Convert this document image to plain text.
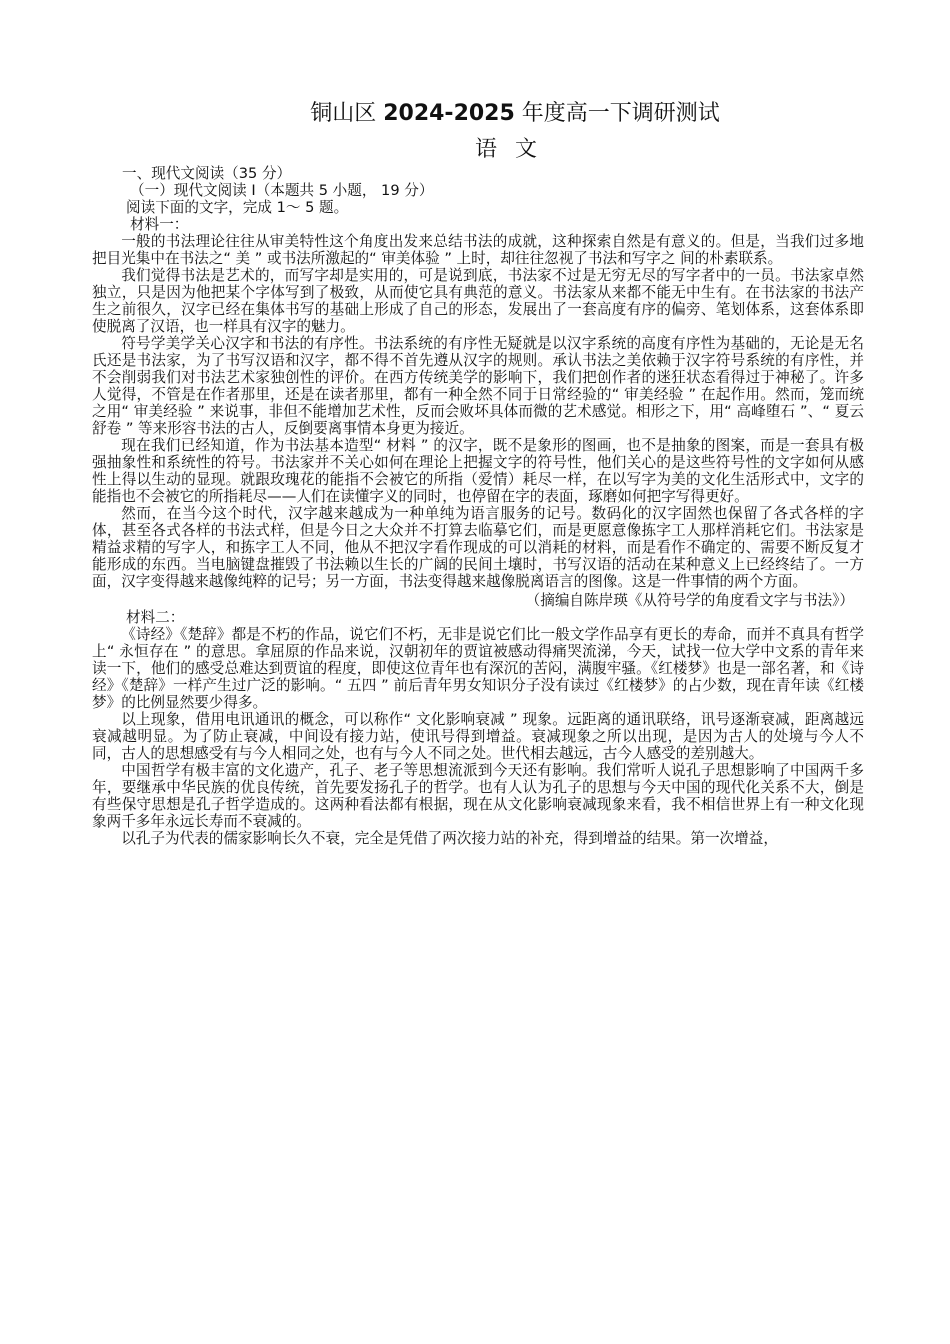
铜山区 2024-2025 年度高一下调研测试
语文

一、现代文阅读（35 分）

（一）现代文阅读 I（本题共 5 小题， 19 分）

阅读下面的文字，完成 1～ 5 题。

材料一：

一般的书法理论往往从审美特性这个角度出发来总结书法的成就，这种探索自然是有意义的。但是，当我们过多地把目光集中在书法之“ 美 ” 或书法所激起的“ 审美体验 ” 上时，却往往忽视了书法和写字之 间的朴素联系。

我们觉得书法是艺术的，而写字却是实用的，可是说到底，书法家不过是无穷无尽的写字者中的一员。书法家卓然独立，只是因为他把某个字体写到了极致，从而使它具有典范的意义。书法家从来都不能无中生有。在书法家的书法产生之前很久，汉字已经在集体书写的基础上形成了自己的形态，发展出了一套高度有序的偏旁、笔划体系，这套体系即使脱离了汉语，也一样具有汉字的魅力。

符号学美学关心汉字和书法的有序性。书法系统的有序性无疑就是以汉字系统的高度有序性为基础的，无论是无名氏还是书法家，为了书写汉语和汉字，都不得不首先遵从汉字的规则。承认书法之美依赖于汉字符号系统的有序性，并不会削弱我们对书法艺术家独创性的评价。在西方传统美学的影响下，我们把创作者的迷狂状态看得过于神秘了。许多人觉得，不管是在作者那里，还是在读者那里，都有一种全然不同于日常经验的“ 审美经验 ” 在起作用。然而，笼而统之用“ 审美经验 ” 来说事，非但不能增加艺术性，反而会败坏具体而微的艺术感觉。相形之下，用“ 高峰堕石 ”、“ 夏云舒卷 ” 等来形容书法的古人，反倒要离事情本身更为接近。

现在我们已经知道，作为书法基本造型“ 材料 ” 的汉字，既不是象形的图画，也不是抽象的图案，而是一套具有极强抽象性和系统性的符号。书法家并不关心如何在理论上把握文字的符号性，他们关心的是这些符号性的文字如何从感性上得以生动的显现。就跟玫瑰花的能指不会被它的所指（爱情）耗尽一样，在以写字为美的文化生活形式中，文字的能指也不会被它的所指耗尽——人们在读懂字义的同时，也停留在字的表面，琢磨如何把字写得更好。

然而，在当今这个时代，汉字越来越成为一种单纯为语言服务的记号。数码化的汉字固然也保留了各式各样的字体，甚至各式各样的书法式样，但是今日之大众并不打算去临摹它们，而是更愿意像拣字工人那样消耗它们。书法家是精益求精的写字人，和拣字工人不同，他从不把汉字看作现成的可以消耗的材料，而是看作不确定的、需要不断反复才能形成的东西。当电脑键盘摧毁了书法赖以生长的广阔的民间土壤时，书写汉语的活动在某种意义上已经终结了。一方面，汉字变得越来越像纯粹的记号；另一方面，书法变得越来越像脱离语言的图像。这是一件事情的两个方面。

（摘编自陈岸瑛《从符号学的角度看文字与书法》）

材料二：

《诗经》《楚辞》都是不朽的作品，说它们不朽，无非是说它们比一般文学作品享有更长的寿命，而并不真具有哲学上“ 永恒存在 ” 的意思。拿屈原的作品来说，汉朝初年的贾谊被感动得痛哭流涕，今天，试找一位大学中文系的青年来读一下，他们的感受总难达到贾谊的程度，即使这位青年也有深沉的苦闷，满腹牢骚。《红楼梦》也是一部名著，和《诗经》《楚辞》一样产生过广泛的影响。“ 五四 ” 前后青年男女知识分子没有读过《红楼梦》的占少数，现在青年读《红楼梦》的比例显然要少得多。

以上现象，借用电讯通讯的概念，可以称作“ 文化影响衰减 ” 现象。远距离的通讯联络，讯号逐渐衰减，距离越远衰减越明显。为了防止衰减，中间设有接力站，使讯号得到增益。衰减现象之所以出现，是因为古人的处境与今人不同，古人的思想感受有与今人相同之处，也有与今人不同之处。世代相去越远，古今人感受的差别越大。

中国哲学有极丰富的文化遗产，孔子、老子等思想流派到今天还有影响。我们常听人说孔子思想影响了中国两千多年，要继承中华民族的优良传统，首先要发扬孔子的哲学。也有人认为孔子的思想与今天中国的现代化关系不大，倒是有些保守思想是孔子哲学造成的。这两种看法都有根据，现在从文化影响衰减现象来看，我不相信世界上有一种文化现象两千多年永远长寿而不衰减的。

以孔子为代表的儒家影响长久不衰，完全是凭借了两次接力站的补充，得到增益的结果。第一次增益，
